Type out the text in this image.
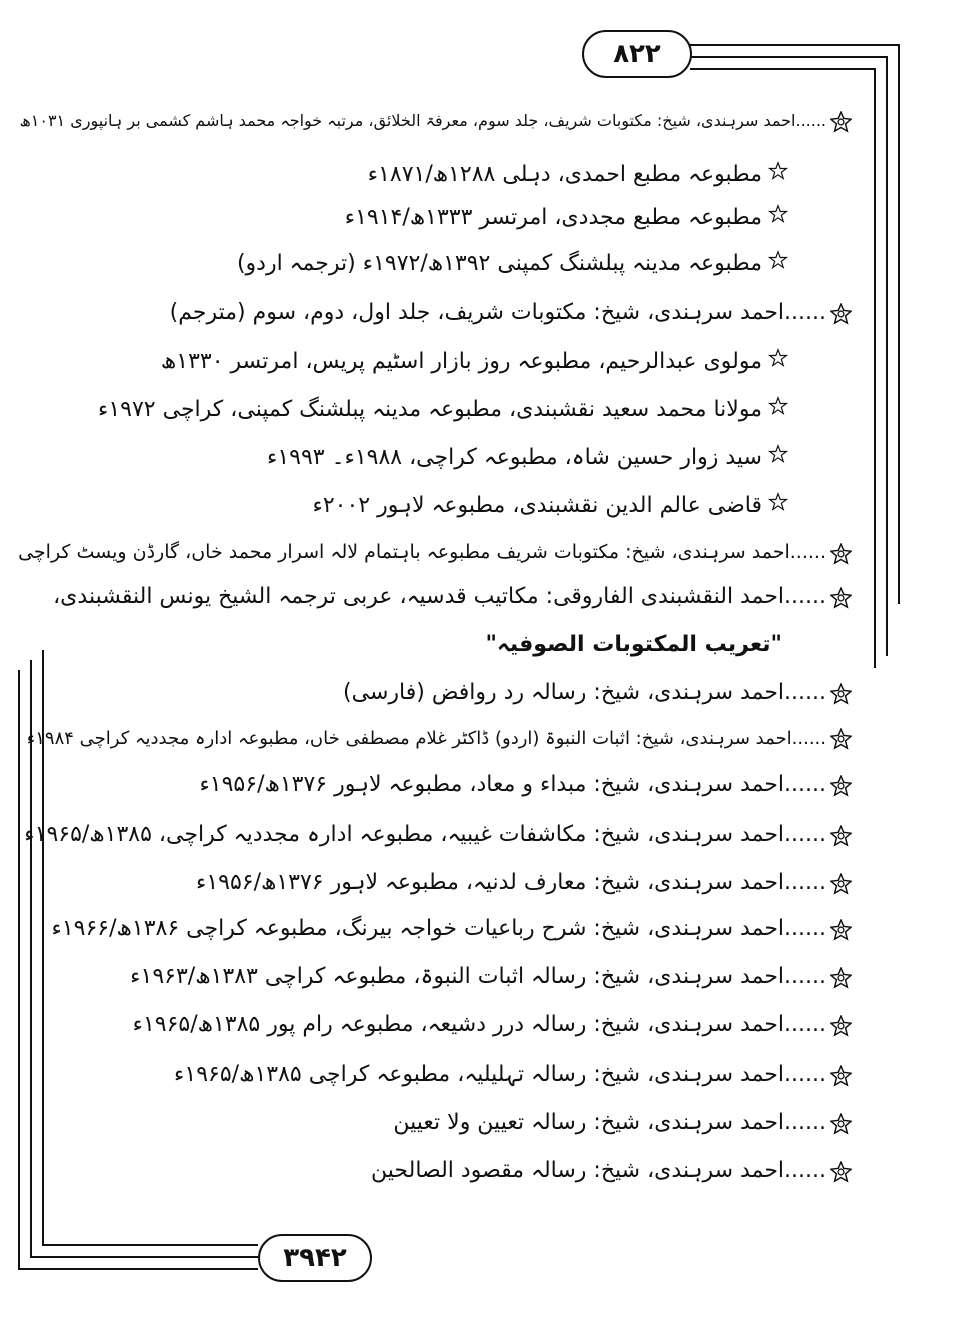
۸۲۲
۳۹۴۲
......احمد سرہندی، شیخ: مکتوبات شریف، جلد سوم، معرفۃ الخلائق، مرتبہ خواجہ محمد ہاشم کشمی بر ہانپوری ۱۰۳۱ھ
مطبوعہ مطبع احمدی، دہلی ۱۲۸۸ھ/۱۸۷۱ء
مطبوعہ مطبع مجددی، امرتسر ۱۳۳۳ھ/۱۹۱۴ء
مطبوعہ مدینہ پبلشنگ کمپنی ۱۳۹۲ھ/۱۹۷۲ء (ترجمہ اردو)
......احمد سرہندی، شیخ: مکتوبات شریف، جلد اول، دوم، سوم (مترجم)
مولوی عبدالرحیم، مطبوعہ روز بازار اسٹیم پریس، امرتسر ۱۳۳۰ھ
مولانا محمد سعید نقشبندی، مطبوعہ مدینہ پبلشنگ کمپنی، کراچی ۱۹۷۲ء
سید زوار حسین شاہ، مطبوعہ کراچی، ۱۹۸۸ء۔ ۱۹۹۳ء
قاضی عالم الدین نقشبندی، مطبوعہ لاہور ۲۰۰۲ء
......احمد سرہندی، شیخ: مکتوبات شریف مطبوعہ باہتمام لالہ اسرار محمد خاں، گارڈن ویسٹ کراچی
......احمد النقشبندی الفاروقی: مکاتیب قدسیہ، عربی ترجمہ الشیخ یونس النقشبندی،
"تعریب المکتوبات الصوفیہ"
......احمد سرہندی، شیخ: رسالہ رد روافض (فارسی)
......احمد سرہندی، شیخ: اثبات النبوۃ (اردو) ڈاکٹر غلام مصطفی خاں، مطبوعہ ادارہ مجددیہ کراچی ۱۹۸۴ء
......احمد سرہندی، شیخ: مبداء و معاد، مطبوعہ لاہور ۱۳۷۶ھ/۱۹۵۶ء
......احمد سرہندی، شیخ: مکاشفات غیبیہ، مطبوعہ ادارہ مجددیہ کراچی، ۱۳۸۵ھ/۱۹۶۵ء
......احمد سرہندی، شیخ: معارف لدنیہ، مطبوعہ لاہور ۱۳۷۶ھ/۱۹۵۶ء
......احمد سرہندی، شیخ: شرح رباعیات خواجہ بیرنگ، مطبوعہ کراچی ۱۳۸۶ھ/۱۹۶۶ء
......احمد سرہندی، شیخ: رسالہ اثبات النبوۃ، مطبوعہ کراچی ۱۳۸۳ھ/۱۹۶۳ء
......احمد سرہندی، شیخ: رسالہ درر دشیعہ، مطبوعہ رام پور ۱۳۸۵ھ/۱۹۶۵ء
......احمد سرہندی، شیخ: رسالہ تہلیلیہ، مطبوعہ کراچی ۱۳۸۵ھ/۱۹۶۵ء
......احمد سرہندی، شیخ: رسالہ تعیین ولا تعیین
......احمد سرہندی، شیخ: رسالہ مقصود الصالحین
